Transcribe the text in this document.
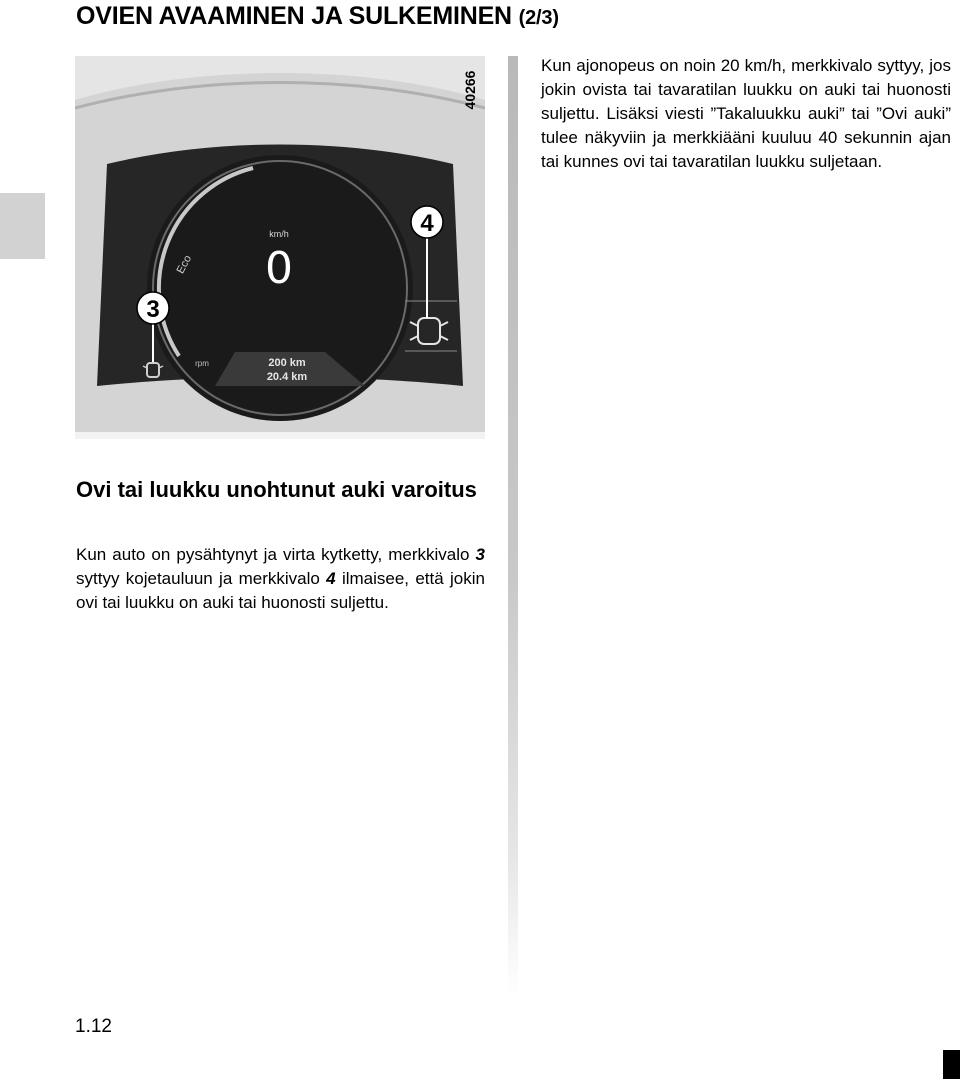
OVIEN AVAAMINEN JA SULKEMINEN (2/3)
4
3
km/h
0
Eco
rpm	200 km
20.4 km
40266

Kun ajonopeus on noin 20 km/h, merkkivalo syttyy, jos jokin ovista tai tavaratilan luukku on auki tai huonosti suljettu. Lisäksi viesti ”Takaluukku auki” tai ”Ovi auki” tulee näkyviin ja merkkiääni kuuluu 40 sekunnin ajan tai kunnes ovi tai tavaratilan luukku suljetaan.

Ovi tai luukku unohtunut auki varoitus

Kun auto on pysähtynyt ja virta kytketty, merkkivalo 3 syttyy kojetauluun ja merkkivalo 4 ilmaisee, että jokin ovi tai luukku on auki tai huonosti suljettu.

1.12
